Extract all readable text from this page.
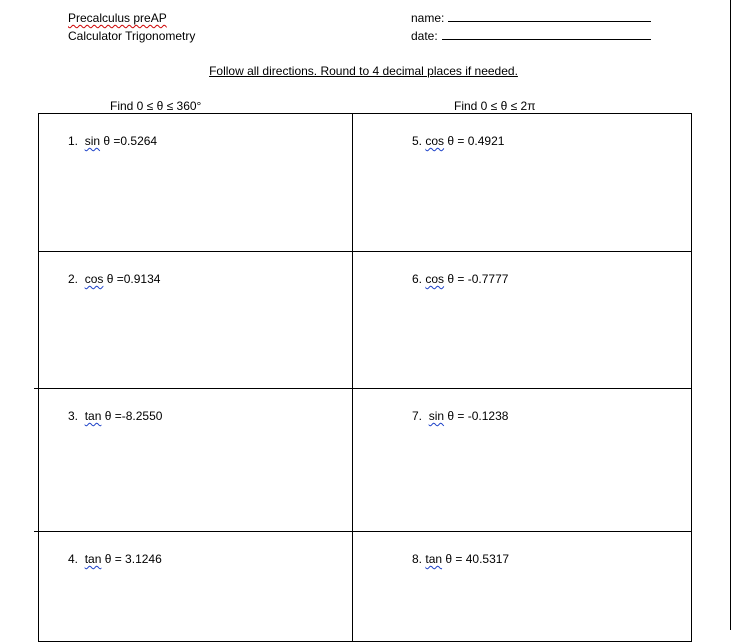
Precalculus preAP
Calculator Trigonometry
name:
date:
Follow all directions. Round to 4 decimal places if needed.
Find 0 ≤ θ ≤ 360°	Find 0 ≤ θ ≤ 2π
1. sin θ =0.5264	5. cos θ = 0.4921

2. cos θ =0.9134	6. cos θ = -0.7777

3. tan θ =-8.2550	7. sin θ = -0.1238

4. tan θ = 3.1246	8. tan θ = 40.5317
